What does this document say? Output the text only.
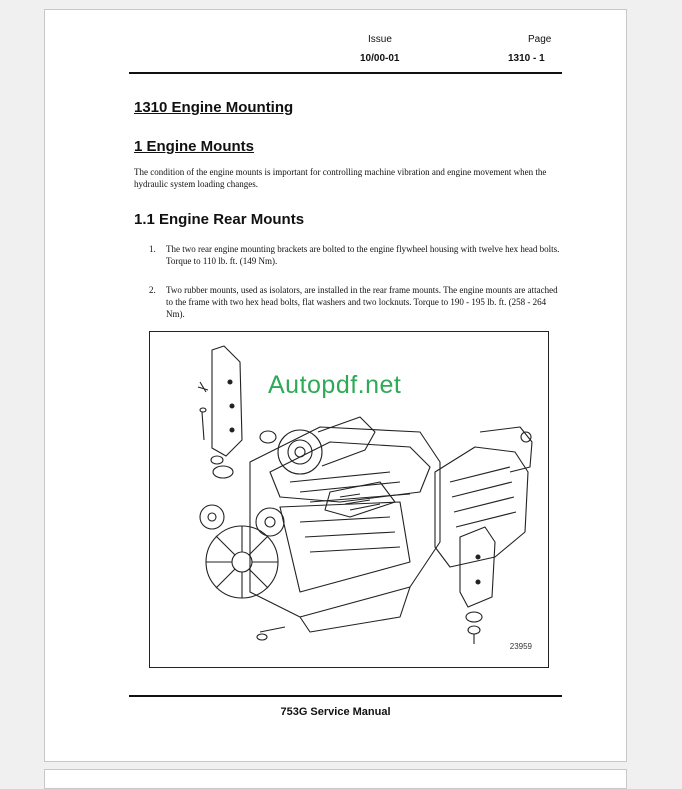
Issue
10/00-01
Page
1310 - 1
1310 Engine Mounting
1 Engine Mounts

The condition of the engine mounts is important for controlling machine vibration and engine movement when the hydraulic system loading changes.

1.1 Engine Rear Mounts
1. The two rear engine mounting brackets are bolted to the engine flywheel housing with twelve hex head bolts. Torque to 110 lb. ft. (149 Nm).

2. Two rubber mounts, used as isolators, are installed in the rear frame mounts. The engine mounts are attached to the frame with two hex head bolts, flat washers and two locknuts. Torque to 190 - 195 lb. ft. (258 - 264 Nm).

Autopdf.net
23959
753G Service Manual
